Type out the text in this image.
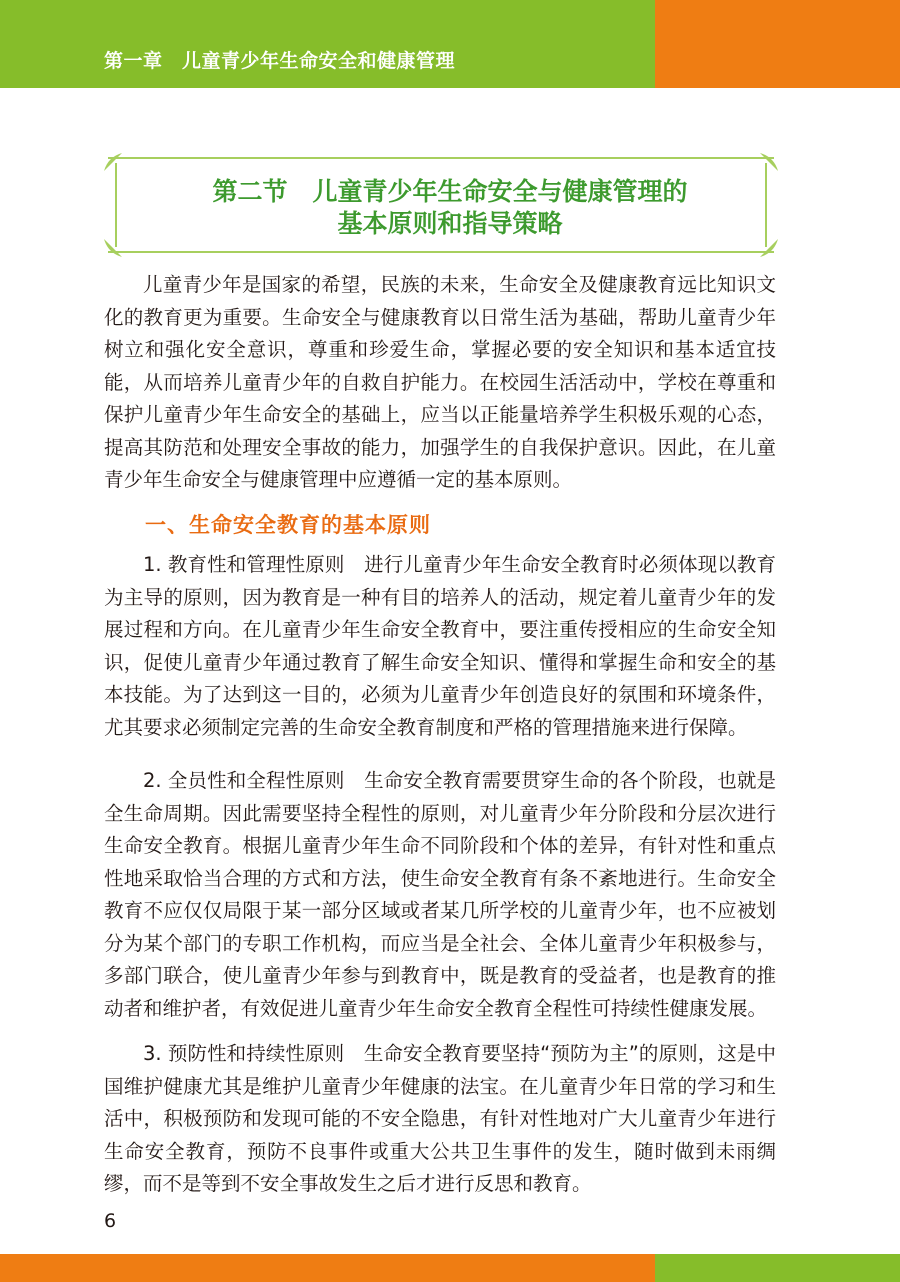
第一章　儿童青少年生命安全和健康管理
第二节　儿童青少年生命安全与健康管理的
基本原则和指导策略

儿童青少年是国家的希望，民族的未来，生命安全及健康教育远比知识文化的教育更为重要。生命安全与健康教育以日常生活为基础，帮助儿童青少年树立和强化安全意识，尊重和珍爱生命，掌握必要的安全知识和基本适宜技能，从而培养儿童青少年的自救自护能力。在校园生活活动中，学校在尊重和保护儿童青少年生命安全的基础上，应当以正能量培养学生积极乐观的心态，提高其防范和处理安全事故的能力，加强学生的自我保护意识。因此，在儿童青少年生命安全与健康管理中应遵循一定的基本原则。

一、生命安全教育的基本原则

1. 教育性和管理性原则　进行儿童青少年生命安全教育时必须体现以教育为主导的原则，因为教育是一种有目的培养人的活动，规定着儿童青少年的发展过程和方向。在儿童青少年生命安全教育中，要注重传授相应的生命安全知识，促使儿童青少年通过教育了解生命安全知识、懂得和掌握生命和安全的基本技能。为了达到这一目的，必须为儿童青少年创造良好的氛围和环境条件，尤其要求必须制定完善的生命安全教育制度和严格的管理措施来进行保障。

2. 全员性和全程性原则　生命安全教育需要贯穿生命的各个阶段，也就是全生命周期。因此需要坚持全程性的原则，对儿童青少年分阶段和分层次进行生命安全教育。根据儿童青少年生命不同阶段和个体的差异，有针对性和重点性地采取恰当合理的方式和方法，使生命安全教育有条不紊地进行。生命安全教育不应仅仅局限于某一部分区域或者某几所学校的儿童青少年，也不应被划分为某个部门的专职工作机构，而应当是全社会、全体儿童青少年积极参与，多部门联合，使儿童青少年参与到教育中，既是教育的受益者，也是教育的推动者和维护者，有效促进儿童青少年生命安全教育全程性可持续性健康发展。

3. 预防性和持续性原则　生命安全教育要坚持“预防为主”的原则，这是中国维护健康尤其是维护儿童青少年健康的法宝。在儿童青少年日常的学习和生活中，积极预防和发现可能的不安全隐患，有针对性地对广大儿童青少年进行生命安全教育，预防不良事件或重大公共卫生事件的发生，随时做到未雨绸缪，而不是等到不安全事故发生之后才进行反思和教育。

6
